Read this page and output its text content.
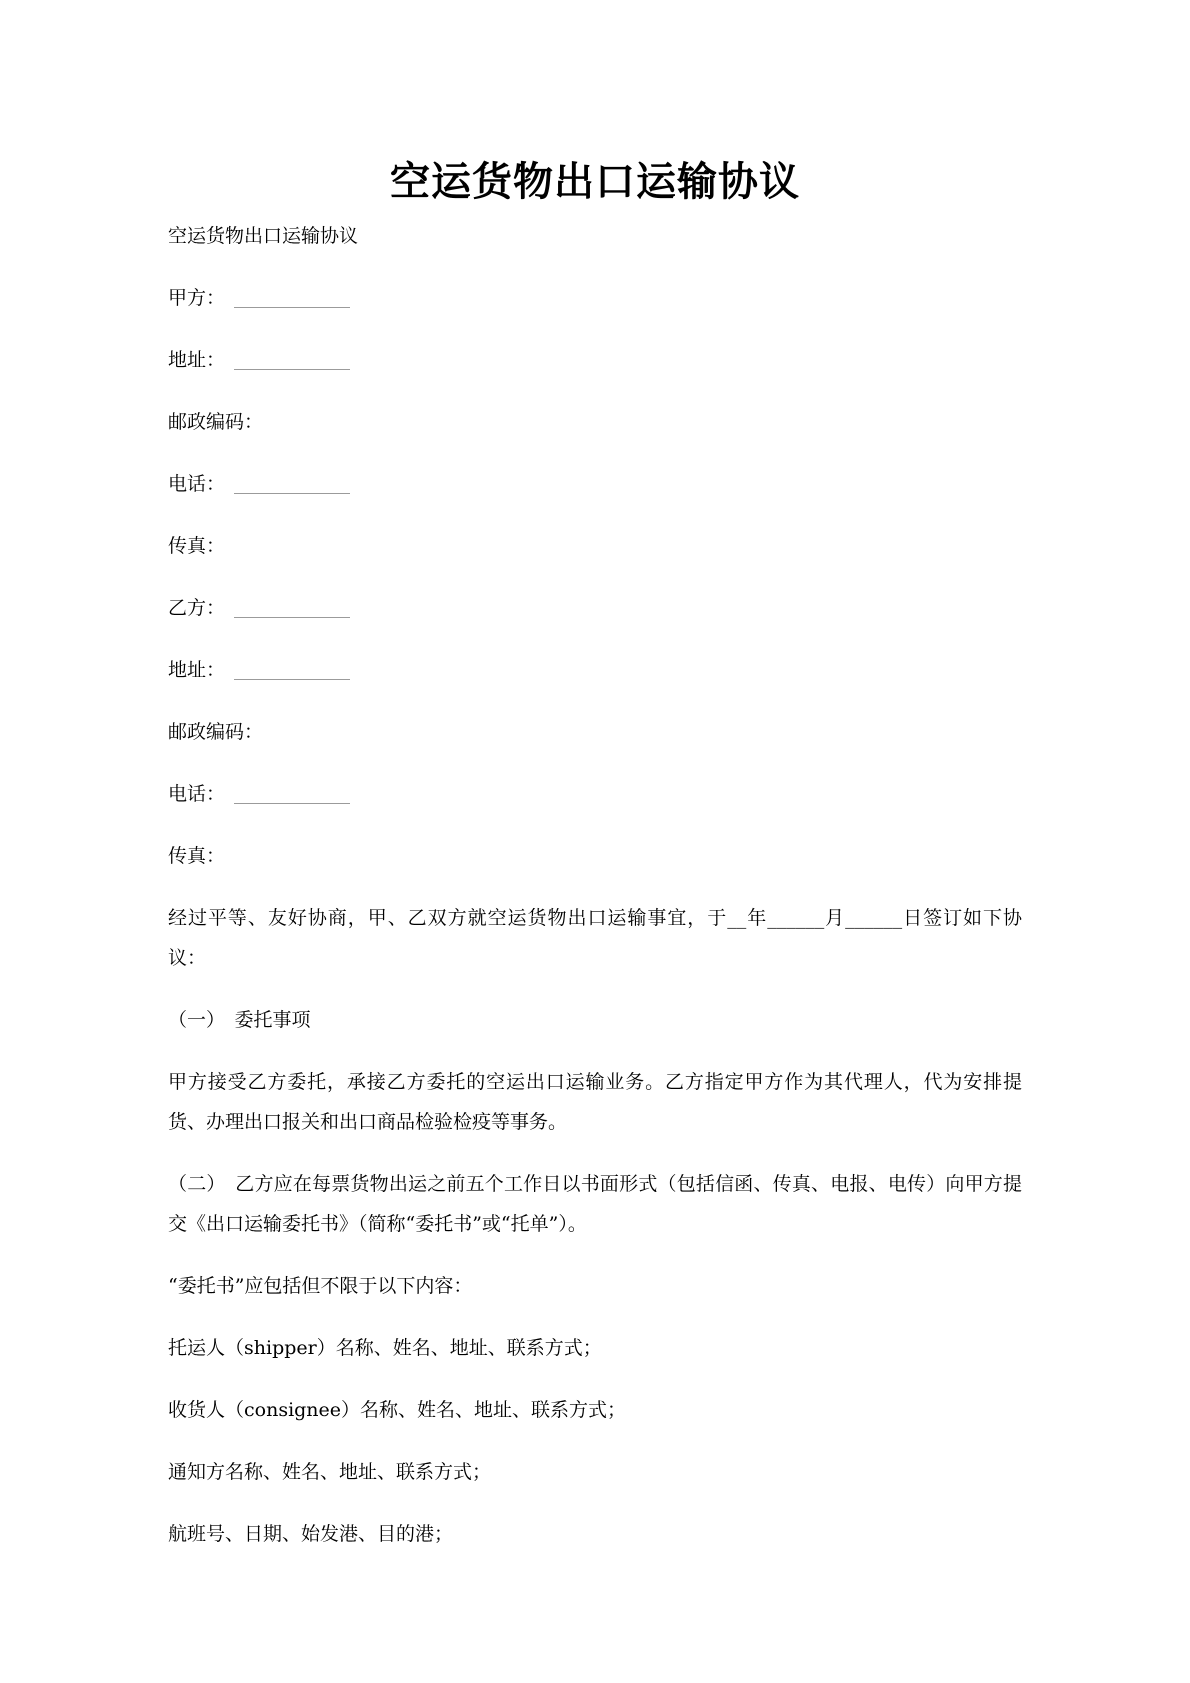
空运货物出口运输协议

空运货物出口运输协议

甲方：

地址：

邮政编码：

电话：

传真：

乙方：

地址：

邮政编码：

电话：

传真：

经过平等、友好协商，甲、乙双方就空运货物出口运输事宜，于__年______月______日签订如下协议：

（一）　委托事项

甲方接受乙方委托，承接乙方委托的空运出口运输业务。乙方指定甲方作为其代理人，代为安排提货、办理出口报关和出口商品检验检疫等事务。

（二）　乙方应在每票货物出运之前五个工作日以书面形式（包括信函、传真、电报、电传）向甲方提交《出口运输委托书》（简称“委托书”或“托单”）。

“委托书”应包括但不限于以下内容：

托运人（shipper）名称、姓名、地址、联系方式；

收货人（consignee）名称、姓名、地址、联系方式；

通知方名称、姓名、地址、联系方式；

航班号、日期、始发港、目的港；
